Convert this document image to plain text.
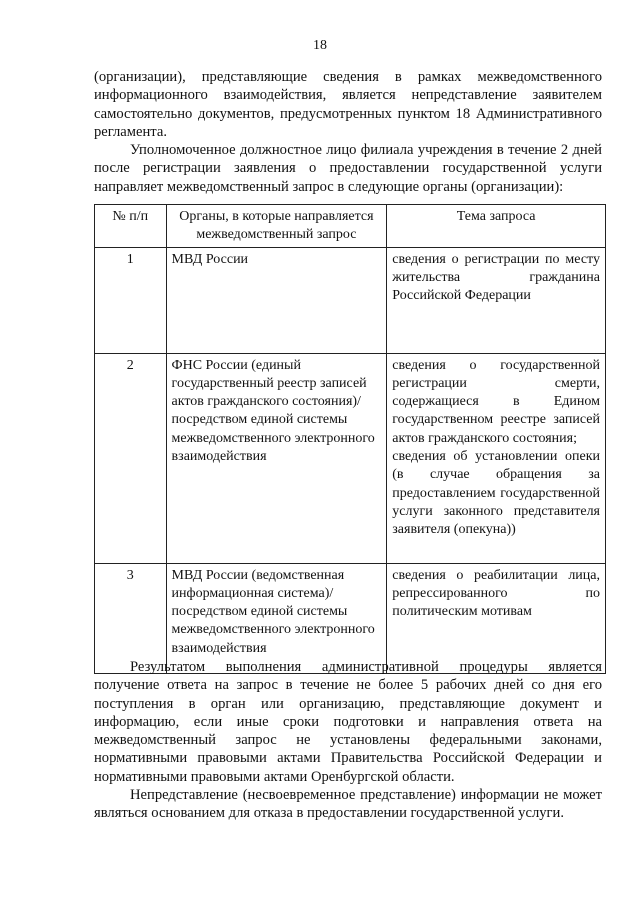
18

(организации), представляющие сведения в рамках межведомственного информационного взаимодействия, является непредставление заявителем самостоятельно документов, предусмотренных пунктом 18 Административного регламента.

Уполномоченное должностное лицо филиала учреждения в течение 2 дней после регистрации заявления о предоставлении государственной услуги направляет межведомственный запрос в следующие органы (организации):

№ п/п	Органы, в которые направляется межведомственный запрос	Тема запроса
1	МВД России	сведения о регистрации по месту жительства гражданина Российской Федерации
2	ФНС России (единый государственный реестр записей актов гражданского состояния)/посредством единой системы межведомственного электронного взаимодействия	сведения о государственной регистрации смерти, содержащиеся в Едином государственном реестре записей актов гражданского состояния;
сведения об установлении опеки (в случае обращения за предоставлением государственной услуги законного представителя заявителя (опекуна))

3	МВД России (ведомственная информационная система)/посредством единой системы межведомственного электронного взаимодействия	сведения о реабилитации лица, репрессированного по политическим мотивам

Результатом выполнения административной процедуры является получение ответа на запрос в течение не более 5 рабочих дней со дня его поступления в орган или организацию, представляющие документ и информацию, если иные сроки подготовки и направления ответа на межведомственный запрос не установлены федеральными законами, нормативными правовыми актами Правительства Российской Федерации и нормативными правовыми актами Оренбургской области.

Непредставление (несвоевременное представление) информации не может являться основанием для отказа в предоставлении государственной услуги.
